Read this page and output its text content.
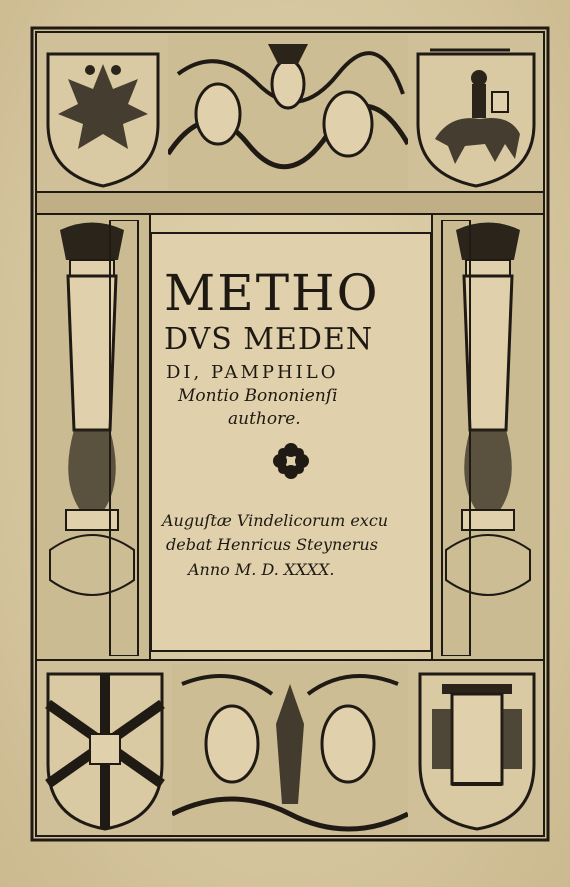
METHO
DVS MEDEN
DI, PAMPHILO
Montio Bononienſi
authore.
Auguſtæ Vindelicorum excu
debat Henricus Steynerus
Anno M. D. XXXX.
